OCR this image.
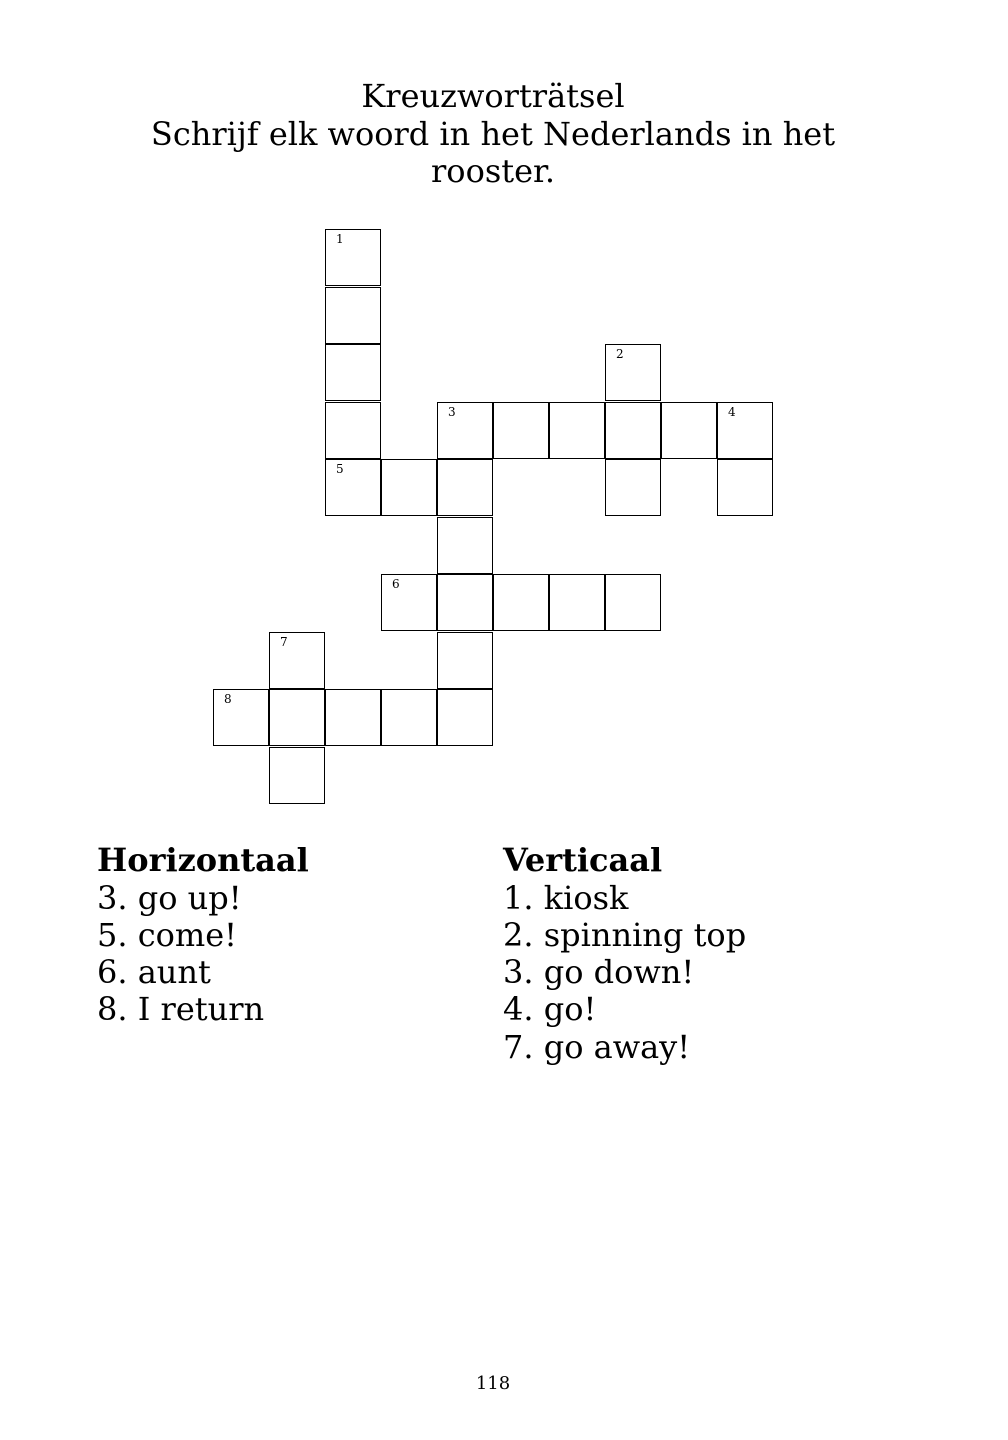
Kreuzworträtsel
Schrijf elk woord in het Nederlands in het rooster.
1
5
2
3	4
6
7
8
Horizontaal
3. go up!
5. come!
6. aunt
8. I return
Verticaal
1. kiosk
2. spinning top
3. go down!
4. go!
7. go away!
118
